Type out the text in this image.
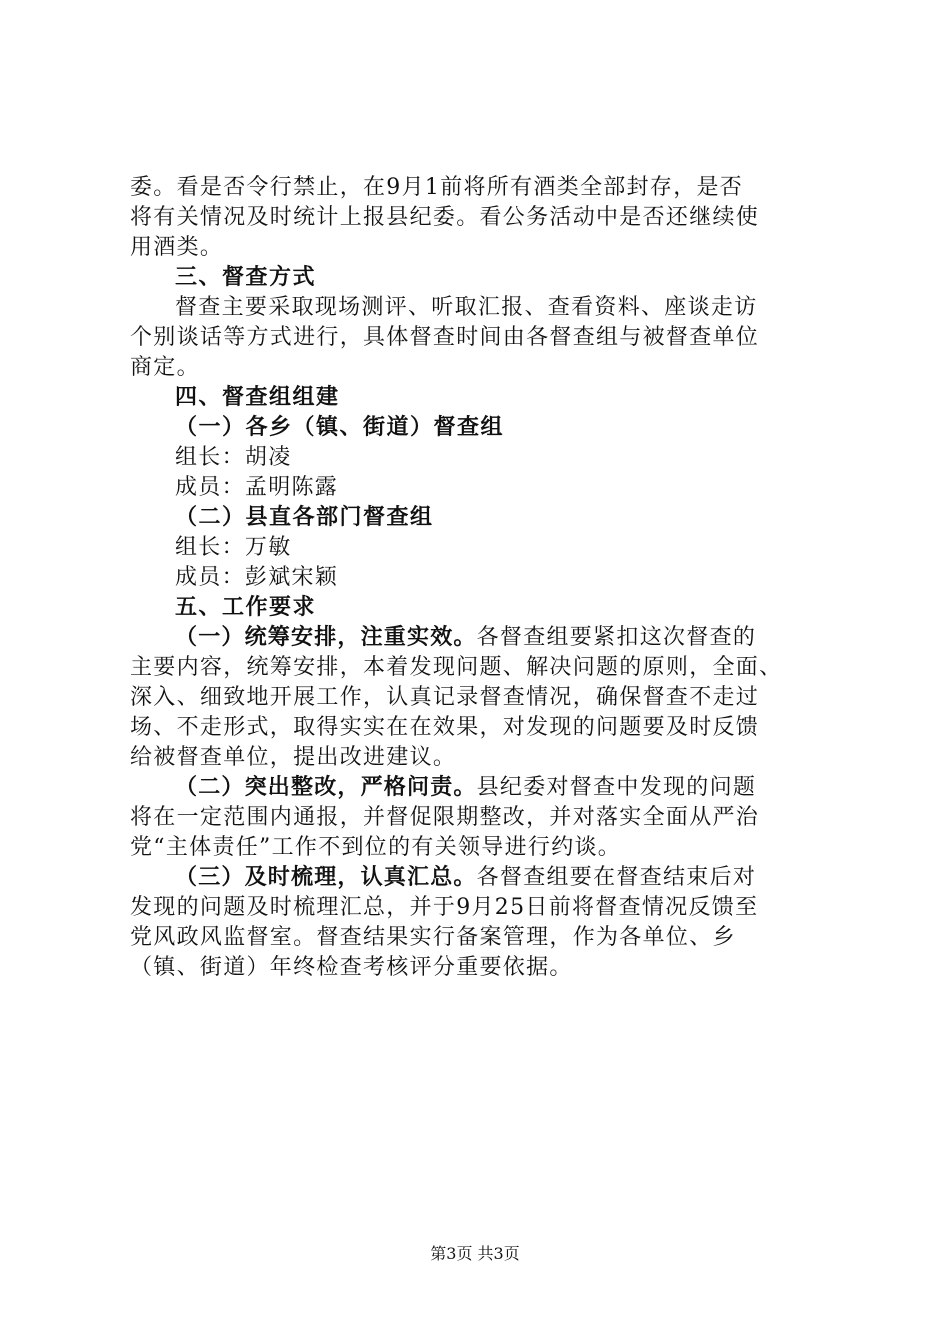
委。看是否令行禁止，在9月1前将所有酒类全部封存，是否
将有关情况及时统计上报县纪委。看公务活动中是否还继续使
用酒类。
三、督查方式
督查主要采取现场测评、听取汇报、查看资料、座谈走访
个别谈话等方式进行，具体督查时间由各督查组与被督查单位
商定。
四、督查组组建
（一）各乡（镇、街道）督查组
组长：胡凌
成员：孟明陈露
（二）县直各部门督查组
组长：万敏
成员：彭斌宋颖
五、工作要求
（一）统筹安排，注重实效。各督查组要紧扣这次督查的
主要内容，统筹安排，本着发现问题、解决问题的原则，全面、
深入、细致地开展工作，认真记录督查情况，确保督查不走过
场、不走形式，取得实实在在效果，对发现的问题要及时反馈
给被督查单位，提出改进建议。
（二）突出整改，严格问责。县纪委对督查中发现的问题
将在一定范围内通报，并督促限期整改，并对落实全面从严治
党“主体责任”工作不到位的有关领导进行约谈。
（三）及时梳理，认真汇总。各督查组要在督查结束后对
发现的问题及时梳理汇总，并于9月25日前将督查情况反馈至
党风政风监督室。督查结果实行备案管理，作为各单位、乡
（镇、街道）年终检查考核评分重要依据。
第3页 共3页
